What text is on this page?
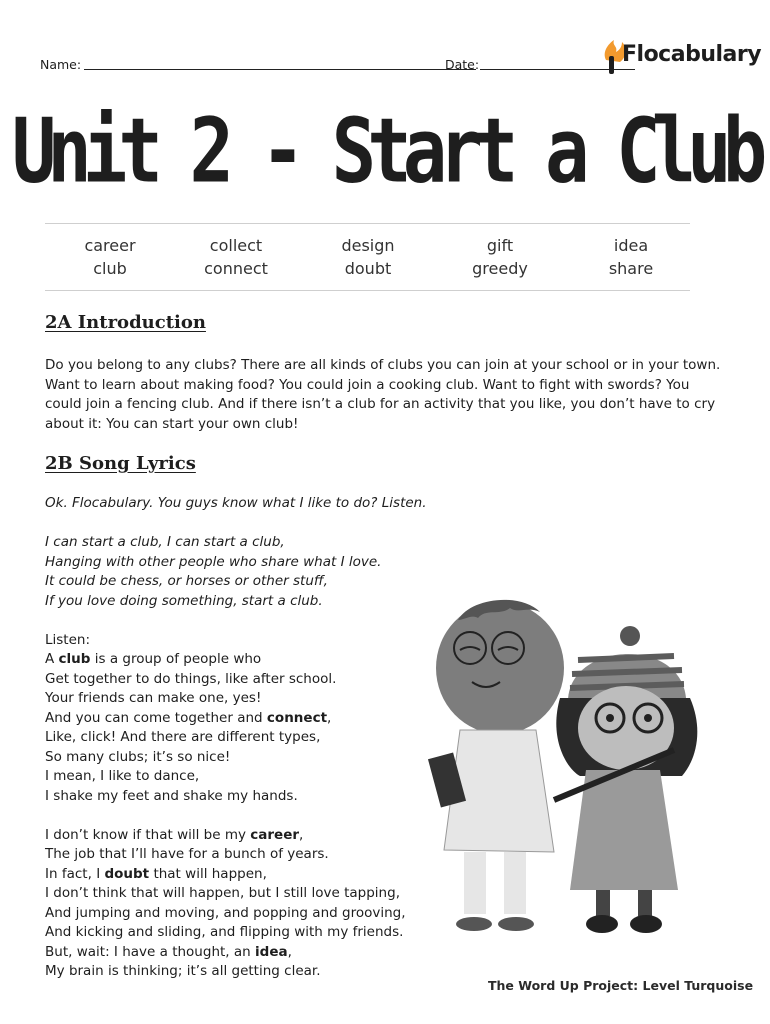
Name:	Date:	Flocabulary
Unit 2 - Start a Club
career
club
collect
connect
design
doubt
gift
greedy
idea
share
2A Introduction
Do you belong to any clubs? There are all kinds of clubs you can join at your school or in your town.
Want to learn about making food? You could join a cooking club. Want to fight with swords? You
could join a fencing club. And if there isn’t a club for an activity that you like, you don’t have to cry
about it: You can start your own club!
2B Song Lyrics
Ok. Flocabulary. You guys know what I like to do? Listen.
I can start a club, I can start a club,
Hanging with other people who share what I love.
It could be chess, or horses or other stuff,
If you love doing something, start a club.
Listen:
A club is a group of people who
Get together to do things, like after school.
Your friends can make one, yes!
And you can come together and connect,
Like, click! And there are different types,
So many clubs; it’s so nice!
I mean, I like to dance,
I shake my feet and shake my hands.
I don’t know if that will be my career,
The job that I’ll have for a bunch of years.
In fact, I doubt that will happen,
I don’t think that will happen, but I still love tapping,
And jumping and moving, and popping and grooving,
And kicking and sliding, and flipping with my friends.
But, wait: I have a thought, an idea,
My brain is thinking; it’s all getting clear.
The Word Up Project: Level Turquoise
